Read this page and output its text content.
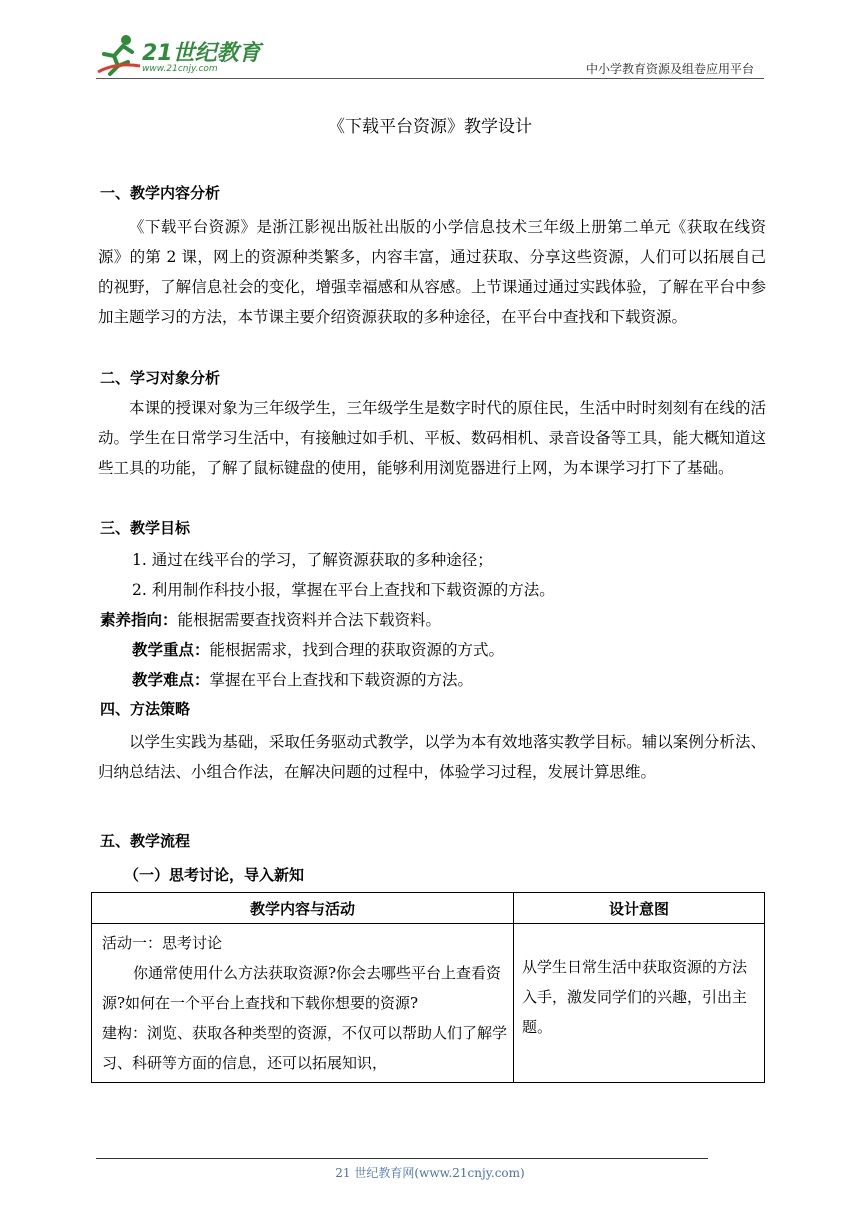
21世纪教育
www.21cnjy.com	中小学教育资源及组卷应用平台
《下载平台资源》教学设计
一、教学内容分析

《下载平台资源》是浙江影视出版社出版的小学信息技术三年级上册第二单元《获取在线资源》的第 2 课，网上的资源种类繁多，内容丰富，通过获取、分享这些资源，人们可以拓展自己的视野，了解信息社会的变化，增强幸福感和从容感。上节课通过通过实践体验，了解在平台中参加主题学习的方法，本节课主要介绍资源获取的多种途径，在平台中查找和下载资源。

二、学习对象分析

本课的授课对象为三年级学生，三年级学生是数字时代的原住民，生活中时时刻刻有在线的活动。学生在日常学习生活中，有接触过如手机、平板、数码相机、录音设备等工具，能大概知道这些工具的功能，了解了鼠标键盘的使用，能够利用浏览器进行上网，为本课学习打下了基础。

三、教学目标
1. 通过在线平台的学习，了解资源获取的多种途径；
2. 利用制作科技小报，掌握在平台上查找和下载资源的方法。
素养指向：能根据需要查找资料并合法下载资料。
教学重点：能根据需求，找到合理的获取资源的方式。
教学难点：掌握在平台上查找和下载资源的方法。
四、方法策略

以学生实践为基础，采取任务驱动式教学，以学为本有效地落实教学目标。辅以案例分析法、归纳总结法、小组合作法，在解决问题的过程中，体验学习过程，发展计算思维。

五、教学流程
（一）思考讨论，导入新知
教学内容与活动	设计意图

活动一：思考讨论
你通常使用什么方法获取资源?你会去哪些平台上查看资源?如何在一个平台上查找和下载你想要的资源?
建构：浏览、获取各种类型的资源，不仅可以帮助人们了解学习、科研等方面的信息，还可以拓展知识，	从学生日常生活中获取资源的方法入手，激发同学们的兴趣，引出主题。
21 世纪教育网(www.21cnjy.com)
